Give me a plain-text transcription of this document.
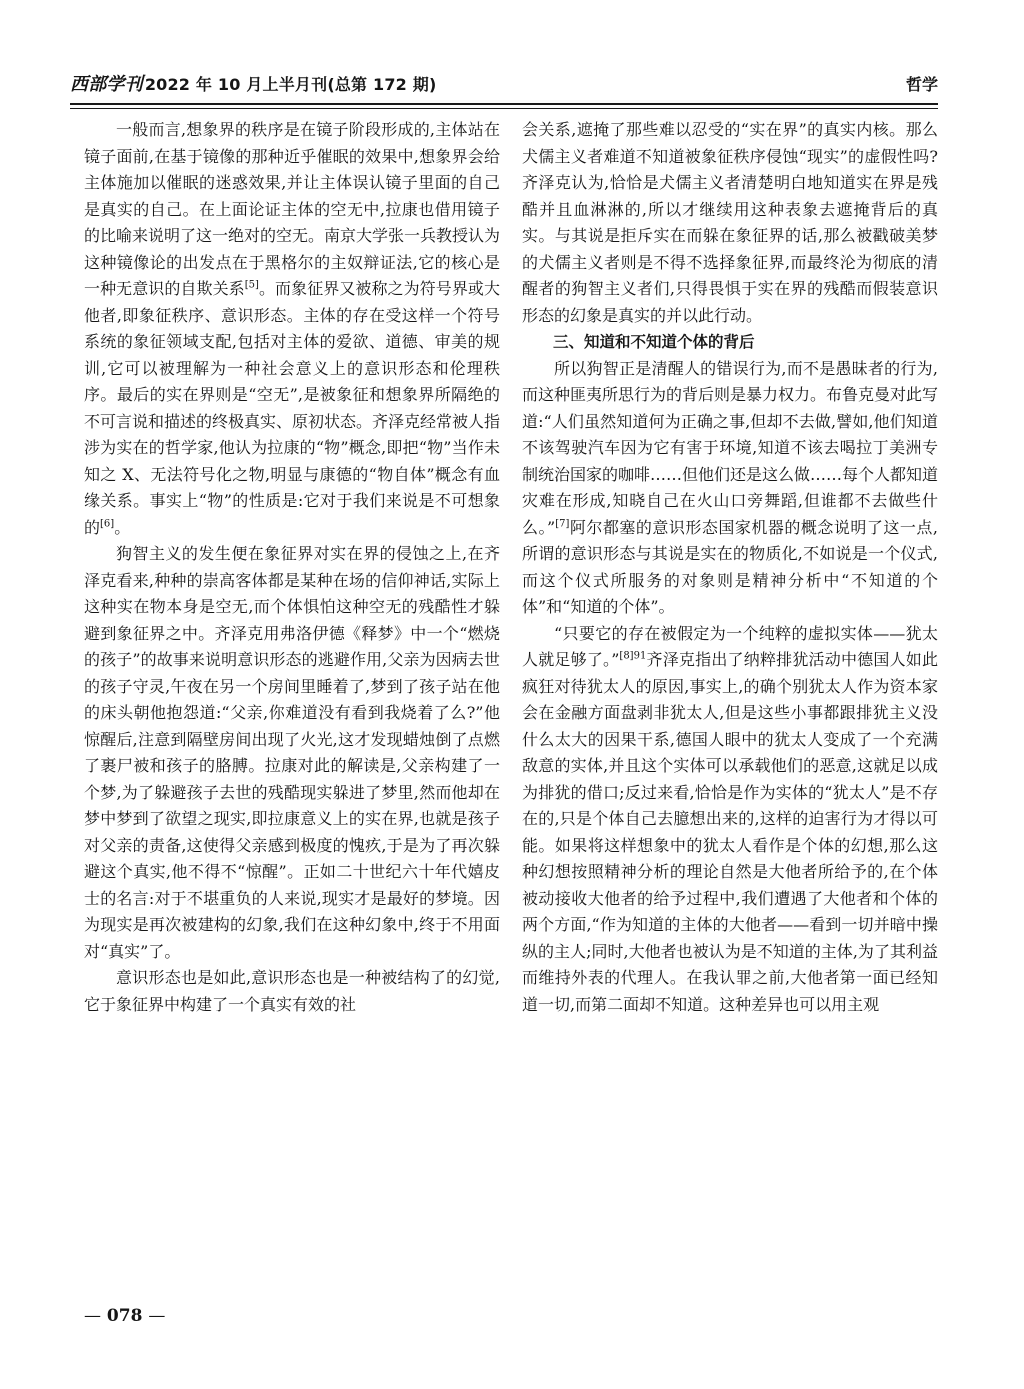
西部学刊 2022 年 10 月上半月刊(总第 172 期)	哲学

一般而言,想象界的秩序是在镜子阶段形成的,主体站在镜子面前,在基于镜像的那种近乎催眠的效果中,想象界会给主体施加以催眠的迷惑效果,并让主体误认镜子里面的自己是真实的自己。在上面论证主体的空无中,拉康也借用镜子的比喻来说明了这一绝对的空无。南京大学张一兵教授认为这种镜像论的出发点在于黑格尔的主奴辩证法,它的核心是一种无意识的自欺关系[5]。而象征界又被称之为符号界或大他者,即象征秩序、意识形态。主体的存在受这样一个符号系统的象征领域支配,包括对主体的爱欲、道德、审美的规训,它可以被理解为一种社会意义上的意识形态和伦理秩序。最后的实在界则是“空无”,是被象征和想象界所隔绝的不可言说和描述的终极真实、原初状态。齐泽克经常被人指涉为实在的哲学家,他认为拉康的“物”概念,即把“物”当作未知之 X、无法符号化之物,明显与康德的“物自体”概念有血缘关系。事实上“物”的性质是:它对于我们来说是不可想象的[6]。

狗智主义的发生便在象征界对实在界的侵蚀之上,在齐泽克看来,种种的崇高客体都是某种在场的信仰神话,实际上这种实在物本身是空无,而个体惧怕这种空无的残酷性才躲避到象征界之中。齐泽克用弗洛伊德《释梦》中一个“燃烧的孩子”的故事来说明意识形态的逃避作用,父亲为因病去世的孩子守灵,午夜在另一个房间里睡着了,梦到了孩子站在他的床头朝他抱怨道:“父亲,你难道没有看到我烧着了么?”他惊醒后,注意到隔壁房间出现了火光,这才发现蜡烛倒了点燃了裹尸被和孩子的胳膊。拉康对此的解读是,父亲构建了一个梦,为了躲避孩子去世的残酷现实躲进了梦里,然而他却在梦中梦到了欲望之现实,即拉康意义上的实在界,也就是孩子对父亲的责备,这使得父亲感到极度的愧疚,于是为了再次躲避这个真实,他不得不“惊醒”。正如二十世纪六十年代嬉皮士的名言:对于不堪重负的人来说,现实才是最好的梦境。因为现实是再次被建构的幻象,我们在这种幻象中,终于不用面对“真实”了。

意识形态也是如此,意识形态也是一种被结构了的幻觉,它于象征界中构建了一个真实有效的社

会关系,遮掩了那些难以忍受的“实在界”的真实内核。那么犬儒主义者难道不知道被象征秩序侵蚀“现实”的虚假性吗?齐泽克认为,恰恰是犬儒主义者清楚明白地知道实在界是残酷并且血淋淋的,所以才继续用这种表象去遮掩背后的真实。与其说是拒斥实在而躲在象征界的话,那么被戳破美梦的犬儒主义者则是不得不选择象征界,而最终沦为彻底的清醒者的狗智主义者们,只得畏惧于实在界的残酷而假装意识形态的幻象是真实的并以此行动。

三、知道和不知道个体的背后

所以狗智正是清醒人的错误行为,而不是愚昧者的行为,而这种匪夷所思行为的背后则是暴力权力。布鲁克曼对此写道:“人们虽然知道何为正确之事,但却不去做,譬如,他们知道不该驾驶汽车因为它有害于环境,知道不该去喝拉丁美洲专制统治国家的咖啡……但他们还是这么做……每个人都知道灾难在形成,知晓自己在火山口旁舞蹈,但谁都不去做些什么。”[7]阿尔都塞的意识形态国家机器的概念说明了这一点,所谓的意识形态与其说是实在的物质化,不如说是一个仪式,而这个仪式所服务的对象则是精神分析中“不知道的个体”和“知道的个体”。

“只要它的存在被假定为一个纯粹的虚拟实体——犹太人就足够了。”$^{[8]91}$齐泽克指出了纳粹排犹活动中德国人如此疯狂对待犹太人的原因,事实上,的确个别犹太人作为资本家会在金融方面盘剥非犹太人,但是这些小事都跟排犹主义没什么太大的因果干系,德国人眼中的犹太人变成了一个充满敌意的实体,并且这个实体可以承载他们的恶意,这就足以成为排犹的借口;反过来看,恰恰是作为实体的“犹太人”是不存在的,只是个体自己去臆想出来的,这样的迫害行为才得以可能。如果将这样想象中的犹太人看作是个体的幻想,那么这种幻想按照精神分析的理论自然是大他者所给予的,在个体被动接收大他者的给予过程中,我们遭遇了大他者和个体的两个方面,“作为知道的主体的大他者——看到一切并暗中操纵的主人;同时,大他者也被认为是不知道的主体,为了其利益而维持外表的代理人。在我认罪之前,大他者第一面已经知道一切,而第二面却不知道。这种差异也可以用主观

— 078 —
